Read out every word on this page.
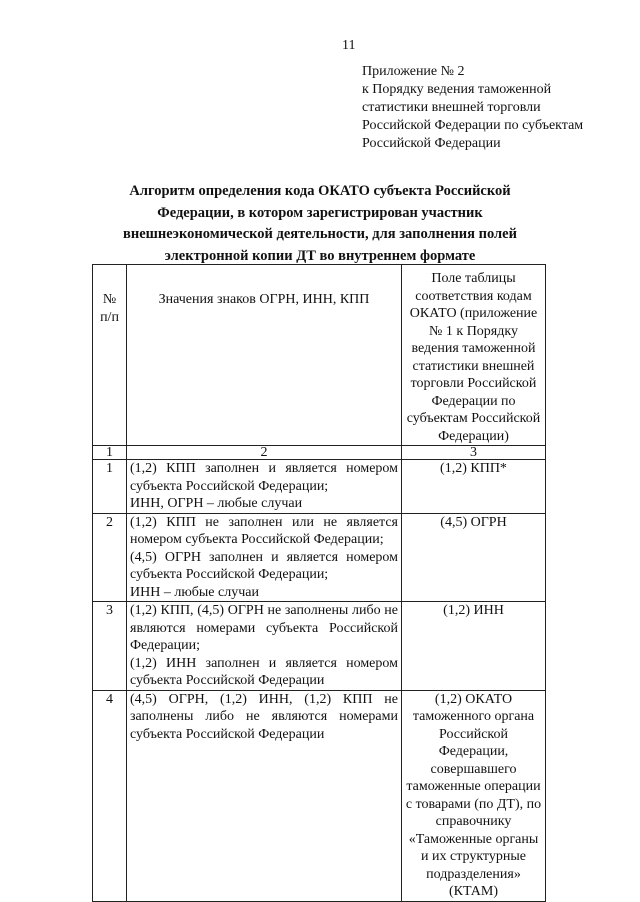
11
Приложение № 2
к Порядку ведения таможенной
статистики внешней торговли
Российской Федерации по субъектам
Российской Федерации
Алгоритм определения кода ОКАТО субъекта Российской Федерации, в котором зарегистрирован участник внешнеэкономической деятельности, для заполнения полей электронной копии ДТ во внутреннем формате
№ п/п	Значения знаков ОГРН, ИНН, КПП	Поле таблицы соответствия кодам ОКАТО (приложение № 1 к Порядку ведения таможенной статистики внешней торговли Российской Федерации по субъектам Российской Федерации)
1	2	3
1	(1,2) КПП заполнен и является номером субъекта Российской Федерации;
ИНН, ОГРН – любые случаи	(1,2) КПП*
2	(1,2) КПП не заполнен или не является номером субъекта Российской Федерации;
(4,5) ОГРН заполнен и является номером субъекта Российской Федерации;
ИНН – любые случаи	(4,5) ОГРН
3	(1,2) КПП, (4,5) ОГРН не заполнены либо не являются номерами субъекта Российской Федерации;
(1,2) ИНН заполнен и является номером субъекта Российской Федерации	(1,2) ИНН
4	(4,5) ОГРН, (1,2) ИНН, (1,2) КПП не заполнены либо не являются номерами субъекта Российской Федерации	(1,2) ОКАТО таможенного органа Российской Федерации, совершавшего таможенные операции с товарами (по ДТ), по справочнику «Таможенные органы и их структурные подразделения» (КТАМ)
